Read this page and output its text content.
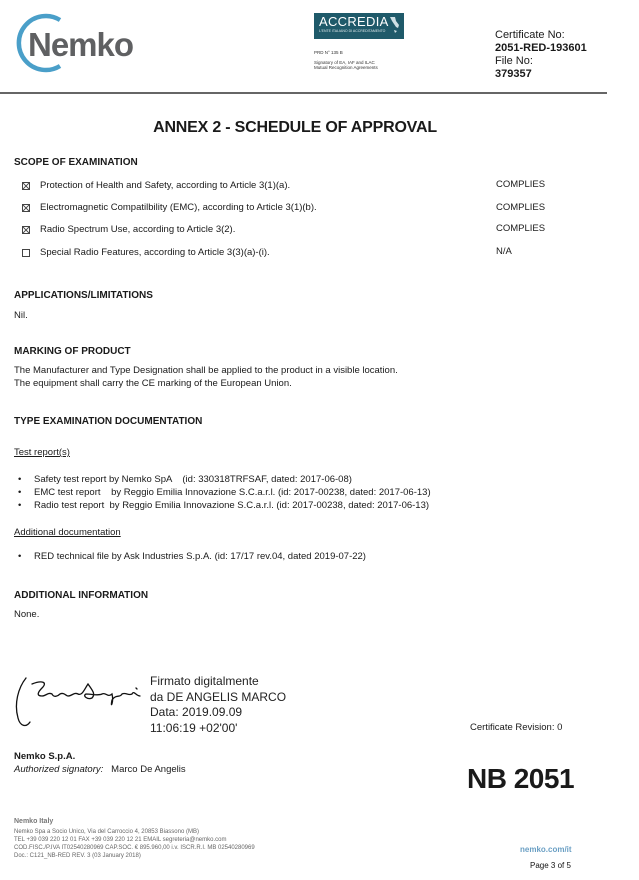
Nemko
ACCREDIA
L'ENTE ITALIANO DI ACCREDITAMENTO
PRD N° 135 B
Signatory of EA, IAF and ILAC
Mutual Recognition Agreements
Certificate No:
2051-RED-193601
File No:
379357
ANNEX 2 - SCHEDULE OF APPROVAL
SCOPE OF EXAMINATION
Protection of Health and Safety, according to Article 3(1)(a).	COMPLIES
Electromagnetic Compatilbility (EMC), according to Article 3(1)(b).	COMPLIES
Radio Spectrum Use, according to Article 3(2).	COMPLIES
Special Radio Features, according to Article 3(3)(a)-(i).	N/A
APPLICATIONS/LIMITATIONS
Nil.
MARKING OF PRODUCT
The Manufacturer and Type Designation shall be applied to the product in a visible location.
The equipment shall carry the CE marking of the European Union.
TYPE EXAMINATION DOCUMENTATION
Test report(s)
• Safety test report by Nemko SpA (id: 330318TRFSAF, dated: 2017-06-08)
• EMC test report by Reggio Emilia Innovazione S.C.a.r.l. (id: 2017-00238, dated: 2017-06-13)
• Radio test report by Reggio Emilia Innovazione S.C.a.r.l. (id: 2017-00238, dated: 2017-06-13)
Additional documentation
• RED technical file by Ask Industries S.p.A. (id: 17/17 rev.04, dated 2019-07-22)
ADDITIONAL INFORMATION
None.
Firmato digitalmente
da DE ANGELIS MARCO
Data: 2019.09.09
11:06:19 +02'00'	Certificate Revision: 0
Nemko S.p.A.
Authorized signatory: Marco De Angelis	NB 2051
Nemko Italy
Nemko Spa a Socio Unico, Via del Carroccio 4, 20853 Biassono (MB)
TEL +39 039 220 12 01 FAX +39 039 220 12 21 EMAIL segreteria@nemko.com
COD.FISC./P.IVA IT02540280969 CAP.SOC. € 895.960,00 i.v. ISCR.R.I. MB 02540280969
Doc.: C121_NB-RED REV. 3 (03 January 2018)
nemko.com/it
Page 3 of 5
